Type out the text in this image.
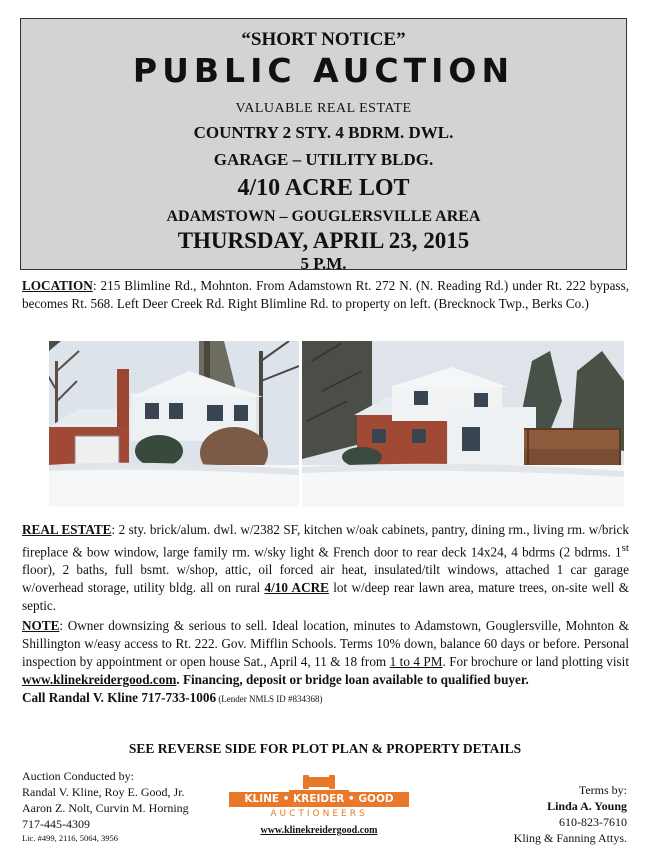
“SHORT NOTICE”
PUBLIC AUCTION
VALUABLE REAL ESTATE
COUNTRY 2 STY. 4 BDRM. DWL.
GARAGE – UTILITY BLDG.
4/10 ACRE LOT
ADAMSTOWN – GOUGLERSVILLE AREA
THURSDAY, APRIL 23, 2015
5 P.M.
LOCATION: 215 Blimline Rd., Mohnton. From Adamstown Rt. 272 N. (N. Reading Rd.) under Rt. 222 bypass, becomes Rt. 568. Left Deer Creek Rd. Right Blimline Rd. to property on left. (Brecknock Twp., Berks Co.)
REAL ESTATE: 2 sty. brick/alum. dwl. w/2382 SF, kitchen w/oak cabinets, pantry, dining rm., living rm. w/brick fireplace & bow window, large family rm. w/sky light & French door to rear deck 14x24, 4 bdrms (2 bdrms. 1st floor), 2 baths, full bsmt. w/shop, attic, oil forced air heat, insulated/tilt windows, attached 1 car garage w/overhead storage, utility bldg. all on rural 4/10 ACRE lot w/deep rear lawn area, mature trees, on-site well & septic.
NOTE: Owner downsizing & serious to sell. Ideal location, minutes to Adamstown, Gouglersville, Mohnton & Shillington w/easy access to Rt. 222. Gov. Mifflin Schools. Terms 10% down, balance 60 days or before. Personal inspection by appointment or open house Sat., April 4, 11 & 18 from 1 to 4 PM. For brochure or land plotting visit www.klinekreidergood.com. Financing, deposit or bridge loan available to qualified buyer.
Call Randal V. Kline 717-733-1006 (Lender NMLS ID #834368)
SEE REVERSE SIDE FOR PLOT PLAN & PROPERTY DETAILS
Auction Conducted by:
Randal V. Kline, Roy E. Good, Jr.
Aaron Z. Nolt, Curvin M. Horning
717-445-4309
Lic. #499, 2116, 5064, 3956
KLINE • KREIDER • GOOD
AUCTIONEERS
www.klinekreidergood.com
Terms by:
Linda A. Young
610-823-7610
Kling & Fanning Attys.
